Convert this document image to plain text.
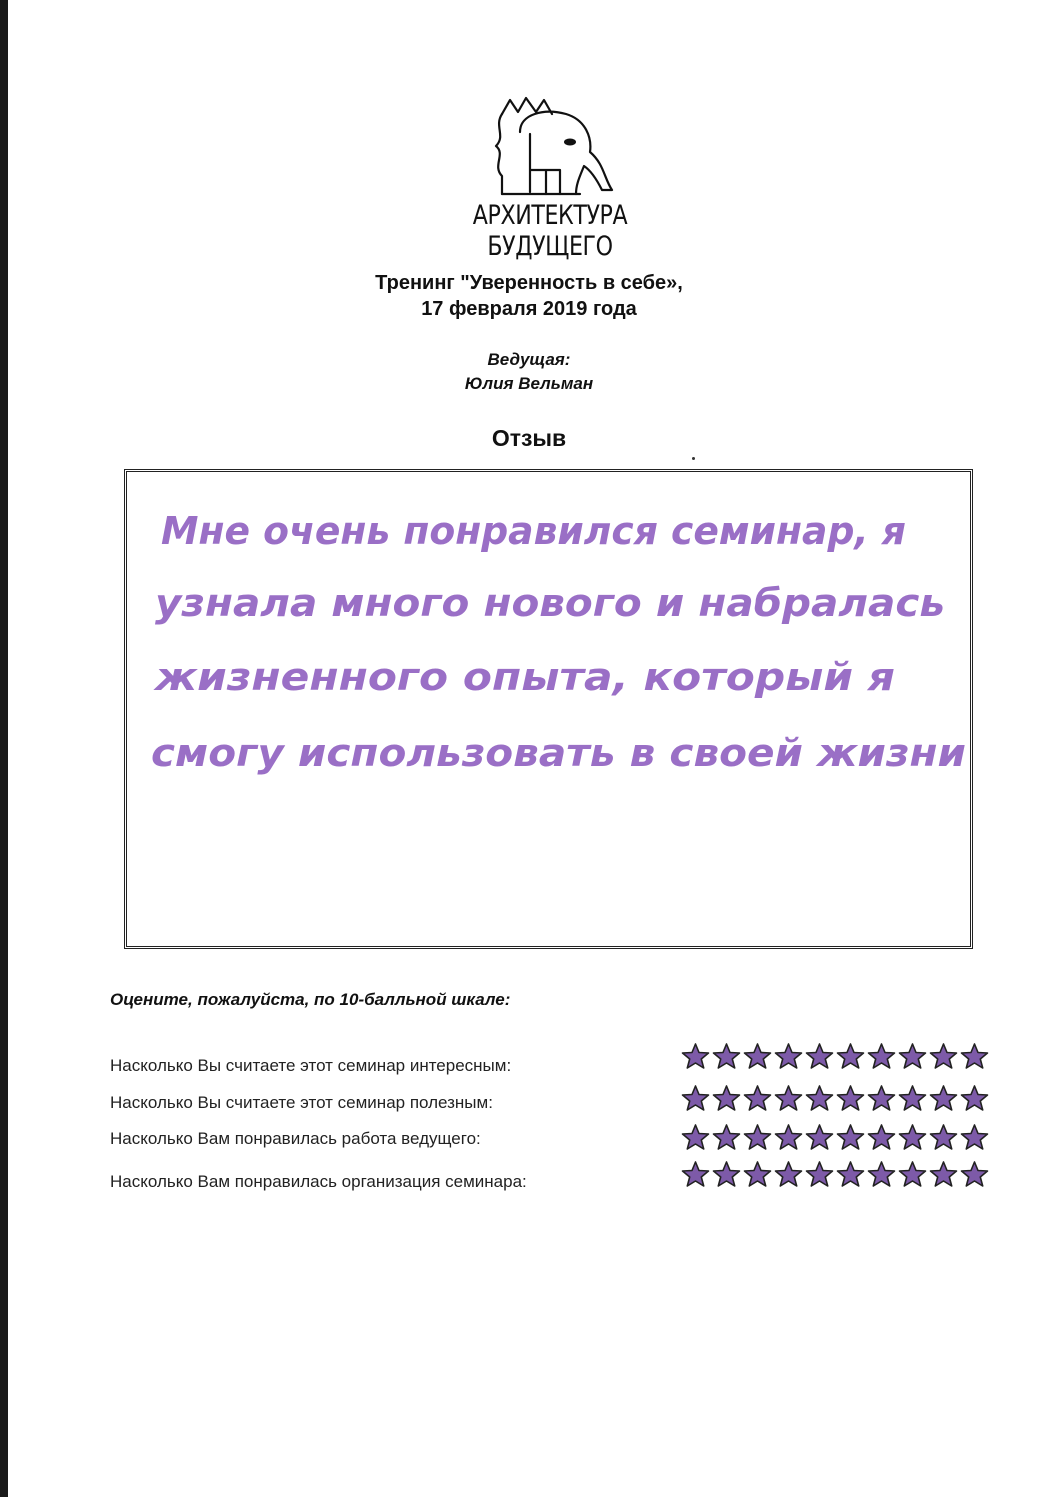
АРХИТЕКТУРА БУДУЩЕГО
Тренинг "Уверенность в себе»,
17 февраля 2019 года
Ведущая:
Юлия Вельман
Отзыв
Мне очень понравился семинар, я
узнала много нового и набралась
жизненного опыта, который я
смогу использовать в своей жизни
Оцените, пожалуйста, по 10-балльной шкале:
Насколько Вы считаете этот семинар интересным:
Насколько Вы считаете этот семинар полезным:
Насколько Вам понравилась работа ведущего:
Насколько Вам понравилась организация семинара:
